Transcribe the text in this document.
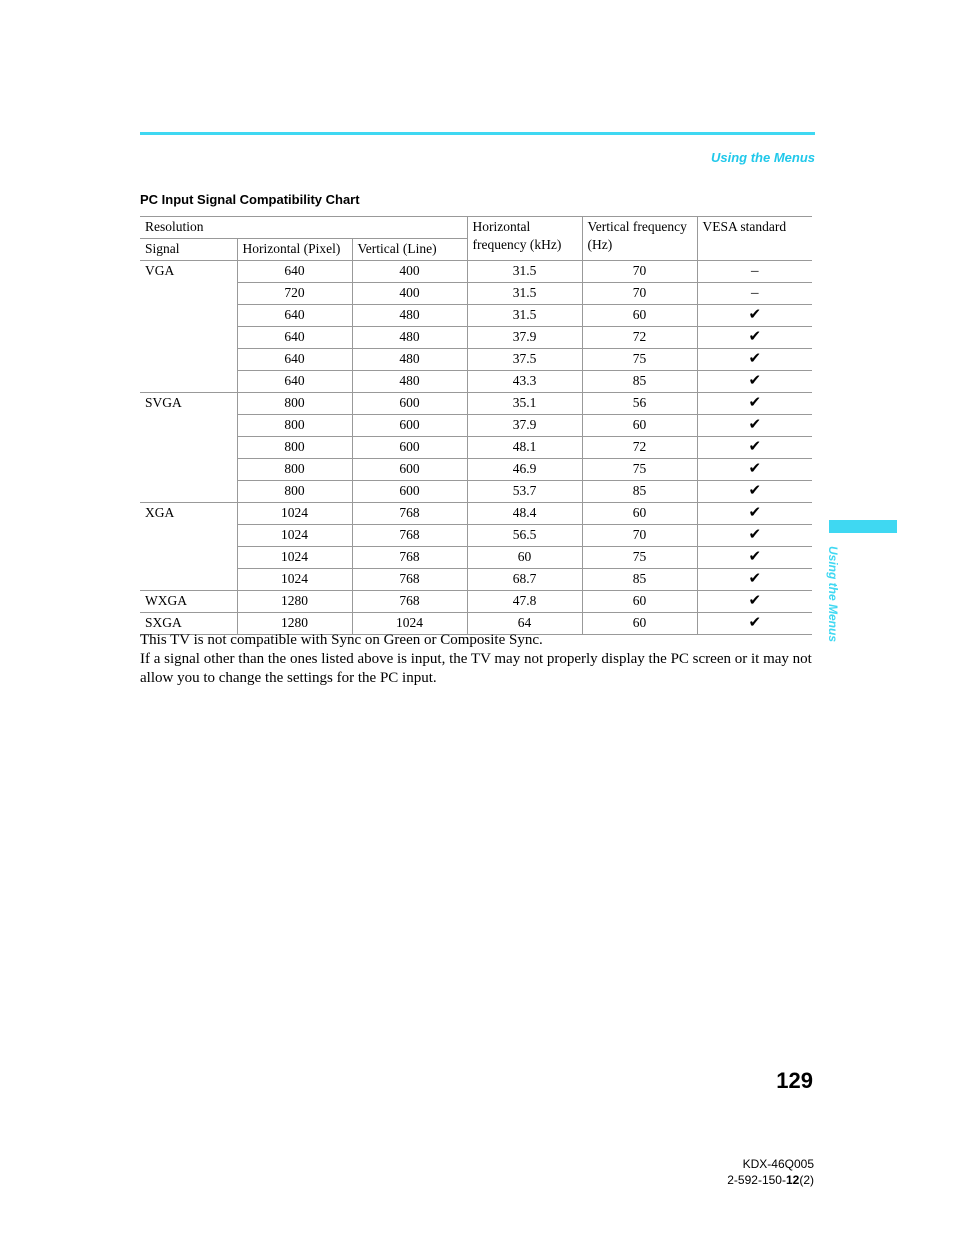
Using the Menus
Using the Menus
PC Input Signal Compatibility Chart
Resolution			Horizontal frequency (kHz)	Vertical frequency (Hz)	VESA standard
Signal	Horizontal (Pixel)	Vertical (Line)			
VGA	640	400	31.5	70	–
	720	400	31.5	70	–
	640	480	31.5	60	✔
	640	480	37.9	72	✔
	640	480	37.5	75	✔
	640	480	43.3	85	✔
SVGA	800	600	35.1	56	✔
	800	600	37.9	60	✔
	800	600	48.1	72	✔
	800	600	46.9	75	✔
	800	600	53.7	85	✔
XGA	1024	768	48.4	60	✔
	1024	768	56.5	70	✔
	1024	768	60	75	✔
	1024	768	68.7	85	✔
WXGA	1280	768	47.8	60	✔
SXGA	1280	1024	64	60	✔
This TV is not compatible with Sync on Green or Composite Sync.
If a signal other than the ones listed above is input, the TV may not properly display the PC screen or it may not allow you to change the settings for the PC input.
129
KDX-46Q005
2-592-150-12(2)
